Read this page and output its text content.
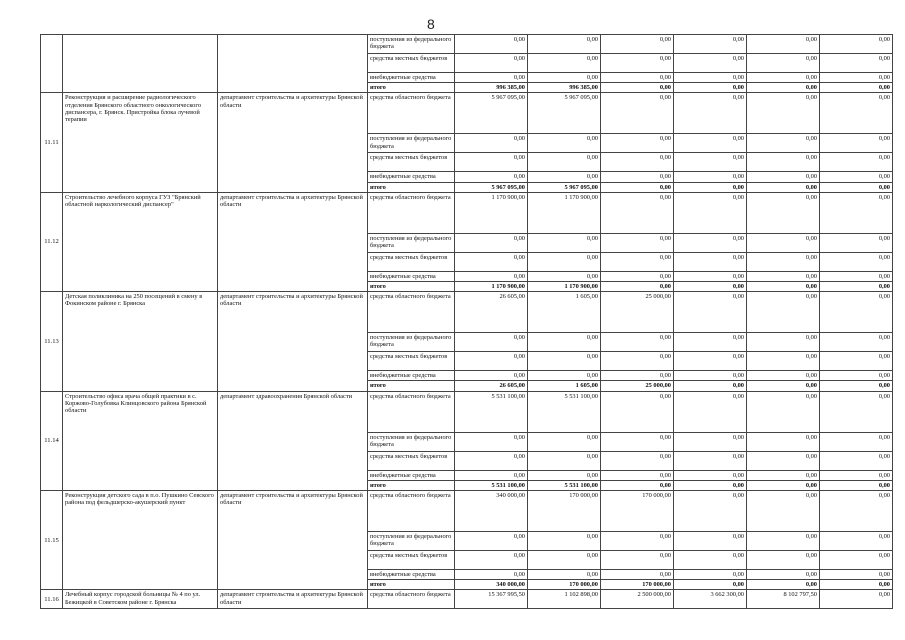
8
			поступления из федерального бюджета	0,00	0,00	0,00	0,00	0,00	0,00
			средства местных бюджетов	0,00	0,00	0,00	0,00	0,00	0,00
			внебюджетные средства	0,00	0,00	0,00	0,00	0,00	0,00
			итого	996 385,00	996 385,00	0,00	0,00	0,00	0,00
11.11	Реконструкция и расширение радиологического отделения Брянского областного онкологического диспансера, г. Брянск. Пристройка блока лучевой терапии	департамент строительства и архитектуры Брянской области	средства областного бюджета	5 967 095,00	5 967 095,00	0,00	0,00	0,00	0,00
			поступления из федерального бюджета	0,00	0,00	0,00	0,00	0,00	0,00
			средства местных бюджетов	0,00	0,00	0,00	0,00	0,00	0,00
			внебюджетные средства	0,00	0,00	0,00	0,00	0,00	0,00
			итого	5 967 095,00	5 967 095,00	0,00	0,00	0,00	0,00
11.12	Строительство лечебного корпуса ГУЗ "Брянский областной наркологический диспансер"	департамент строительства и архитектуры Брянской области	средства областного бюджета	1 170 900,00	1 170 900,00	0,00	0,00	0,00	0,00
			поступления из федерального бюджета	0,00	0,00	0,00	0,00	0,00	0,00
			средства местных бюджетов	0,00	0,00	0,00	0,00	0,00	0,00
			внебюджетные средства	0,00	0,00	0,00	0,00	0,00	0,00
			итого	1 170 900,00	1 170 900,00	0,00	0,00	0,00	0,00
11.13	Детская поликлиника на 250 посещений в смену в Фокинском районе г. Брянска	департамент строительства и архитектуры Брянской области	средства областного бюджета	26 605,00	1 605,00	25 000,00	0,00	0,00	0,00
			поступления из федерального бюджета	0,00	0,00	0,00	0,00	0,00	0,00
			средства местных бюджетов	0,00	0,00	0,00	0,00	0,00	0,00
			внебюджетные средства	0,00	0,00	0,00	0,00	0,00	0,00
			итого	26 605,00	1 605,00	25 000,00	0,00	0,00	0,00
11.14	Строительство офиса врача общей практики в с. Коржово-Голубовка Клинцовского района Брянской области	департамент здравоохранения Брянской области	средства областного бюджета	5 531 100,00	5 531 100,00	0,00	0,00	0,00	0,00
			поступления из федерального бюджета	0,00	0,00	0,00	0,00	0,00	0,00
			средства местных бюджетов	0,00	0,00	0,00	0,00	0,00	0,00
			внебюджетные средства	0,00	0,00	0,00	0,00	0,00	0,00
			итого	5 531 100,00	5 531 100,00	0,00	0,00	0,00	0,00
11.15	Реконструкция детского сада в п.о. Пушкино Севского района под фельдшерско-акушерский пункт	департамент строительства и архитектуры Брянской области	средства областного бюджета	340 000,00	170 000,00	170 000,00	0,00	0,00	0,00
			поступления из федерального бюджета	0,00	0,00	0,00	0,00	0,00	0,00
			средства местных бюджетов	0,00	0,00	0,00	0,00	0,00	0,00
			внебюджетные средства	0,00	0,00	0,00	0,00	0,00	0,00
			итого	340 000,00	170 000,00	170 000,00	0,00	0,00	0,00
11.16	Лечебный корпус городской больницы № 4 по ул. Бежицкой в Советском районе г. Брянска	департамент строительства и архитектуры Брянской области	средства областного бюджета	15 367 995,50	1 102 898,00	2 500 000,00	3 662 300,00	8 102 797,50	0,00
